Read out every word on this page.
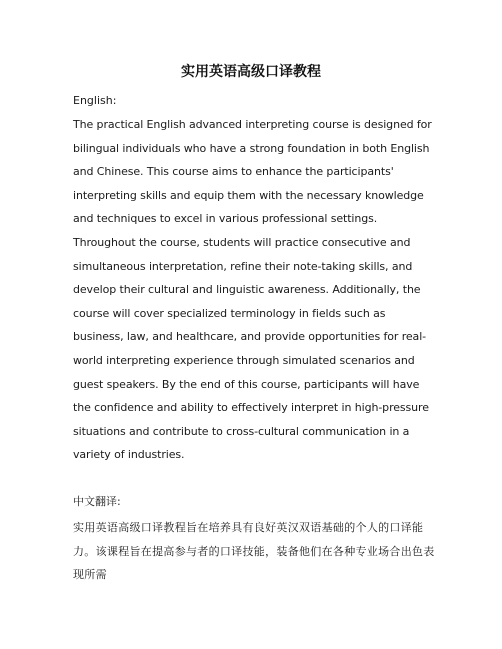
实用英语高级口译教程

English:

The practical English advanced interpreting course is designed for bilingual individuals who have a strong foundation in both English and Chinese. This course aims to enhance the participants' interpreting skills and equip them with the necessary knowledge and techniques to excel in various professional settings. Throughout the course, students will practice consecutive and simultaneous interpretation, refine their note-taking skills, and develop their cultural and linguistic awareness. Additionally, the course will cover specialized terminology in fields such as business, law, and healthcare, and provide opportunities for real-world interpreting experience through simulated scenarios and guest speakers. By the end of this course, participants will have the confidence and ability to effectively interpret in high-pressure situations and contribute to cross-cultural communication in a variety of industries.

中文翻译:

实用英语高级口译教程旨在培养具有良好英汉双语基础的个人的口译能力。该课程旨在提高参与者的口译技能，装备他们在各种专业场合出色表现所需
